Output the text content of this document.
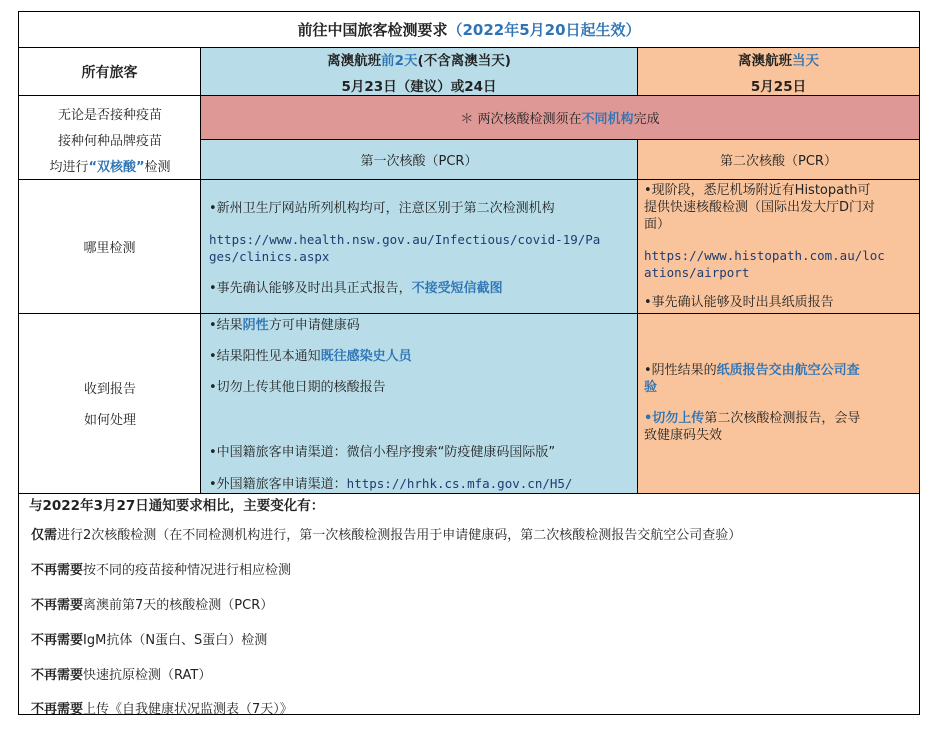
前往中国旅客检测要求（2022年5月20日起生效）
所有旅客
离澳航班前2天(不含离澳当天)
5月23日（建议）或24日
离澳航班当天
5月25日
无论是否接种疫苗
接种何种品牌疫苗
均进行“双核酸”检测
＊ 两次核酸检测须在不同机构完成
第一次核酸（PCR）	第二次核酸（PCR）
哪里检测
•新州卫生厅网站所列机构均可，注意区别于第二次检测机构
https://www.health.nsw.gov.au/Infectious/covid-19/Pa
ges/clinics.aspx
•事先确认能够及时出具正式报告，不接受短信截图
•现阶段，悉尼机场附近有Histopath可
提供快速核酸检测（国际出发大厅D门对
面）
https://www.histopath.com.au/loc
ations/airport
•事先确认能够及时出具纸质报告
收到报告
如何处理
•结果阴性方可申请健康码
•结果阳性见本通知既往感染史人员
•切勿上传其他日期的核酸报告
•中国籍旅客申请渠道：微信小程序搜索“防疫健康码国际版”
•外国籍旅客申请渠道：https://hrhk.cs.mfa.gov.cn/H5/
•阴性结果的纸质报告交由航空公司查
验
•切勿上传第二次核酸检测报告，会导
致健康码失效
与2022年3月27日通知要求相比，主要变化有：
仅需进行2次核酸检测（在不同检测机构进行，第一次核酸检测报告用于申请健康码，第二次核酸检测报告交航空公司查验）
不再需要按不同的疫苗接种情况进行相应检测
不再需要离澳前第7天的核酸检测（PCR）
不再需要IgM抗体（N蛋白、S蛋白）检测
不再需要快速抗原检测（RAT）
不再需要上传《自我健康状况监测表（7天）》
